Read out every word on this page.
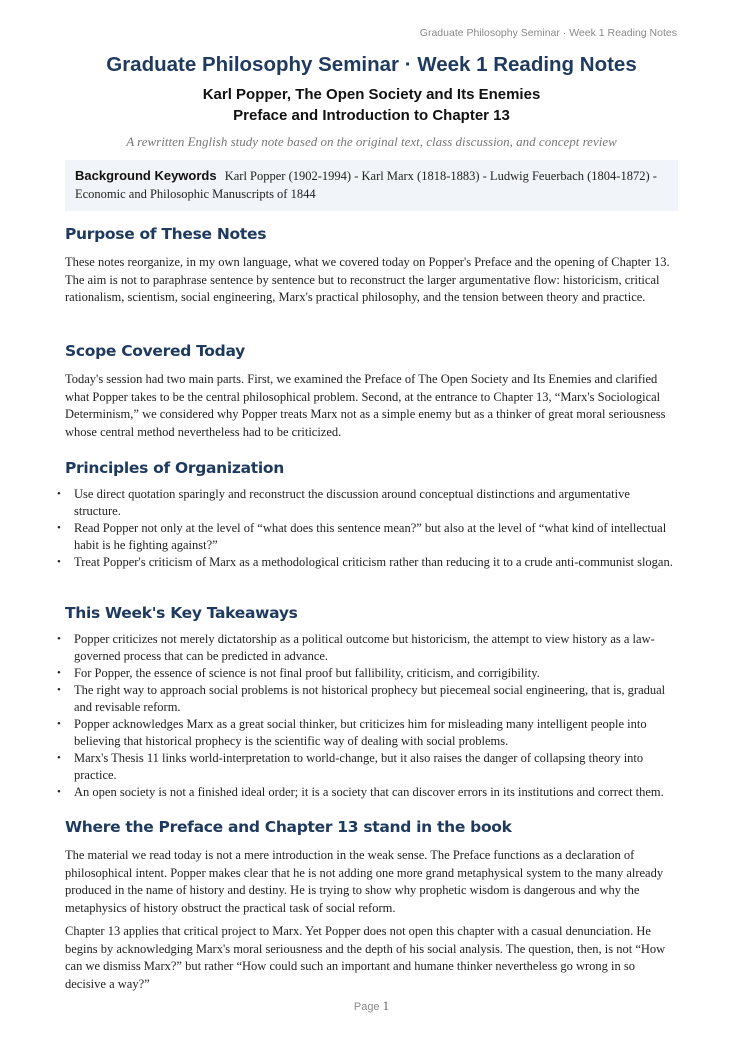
Graduate Philosophy Seminar · Week 1 Reading Notes
Graduate Philosophy Seminar · Week 1 Reading Notes
Karl Popper, The Open Society and Its Enemies
Preface and Introduction to Chapter 13
A rewritten English study note based on the original text, class discussion, and concept review
Background Keywords Karl Popper (1902-1994) - Karl Marx (1818-1883) - Ludwig Feuerbach (1804-1872) - Economic and Philosophic Manuscripts of 1844
Purpose of These Notes

These notes reorganize, in my own language, what we covered today on Popper's Preface and the opening of Chapter 13. The aim is not to paraphrase sentence by sentence but to reconstruct the larger argumentative flow: historicism, critical rationalism, scientism, social engineering, Marx's practical philosophy, and the tension between theory and practice.

Scope Covered Today

Today's session had two main parts. First, we examined the Preface of The Open Society and Its Enemies and clarified what Popper takes to be the central philosophical problem. Second, at the entrance to Chapter 13, “Marx's Sociological Determinism,” we considered why Popper treats Marx not as a simple enemy but as a thinker of great moral seriousness whose central method nevertheless had to be criticized.

Principles of Organization
• Use direct quotation sparingly and reconstruct the discussion around conceptual distinctions and argumentative structure.
• Read Popper not only at the level of “what does this sentence mean?” but also at the level of “what kind of intellectual habit is he fighting against?”
• Treat Popper's criticism of Marx as a methodological criticism rather than reducing it to a crude anti-communist slogan.
This Week's Key Takeaways
• Popper criticizes not merely dictatorship as a political outcome but historicism, the attempt to view history as a law-governed process that can be predicted in advance.
• For Popper, the essence of science is not final proof but fallibility, criticism, and corrigibility.
• The right way to approach social problems is not historical prophecy but piecemeal social engineering, that is, gradual and revisable reform.
• Popper acknowledges Marx as a great social thinker, but criticizes him for misleading many intelligent people into believing that historical prophecy is the scientific way of dealing with social problems.
• Marx's Thesis 11 links world-interpretation to world-change, but it also raises the danger of collapsing theory into practice.
• An open society is not a finished ideal order; it is a society that can discover errors in its institutions and correct them.
Where the Preface and Chapter 13 stand in the book

The material we read today is not a mere introduction in the weak sense. The Preface functions as a declaration of philosophical intent. Popper makes clear that he is not adding one more grand metaphysical system to the many already produced in the name of history and destiny. He is trying to show why prophetic wisdom is dangerous and why the metaphysics of history obstruct the practical task of social reform.

Chapter 13 applies that critical project to Marx. Yet Popper does not open this chapter with a casual denunciation. He begins by acknowledging Marx's moral seriousness and the depth of his social analysis. The question, then, is not “How can we dismiss Marx?” but rather “How could such an important and humane thinker nevertheless go wrong in so decisive a way?”

Page 1
